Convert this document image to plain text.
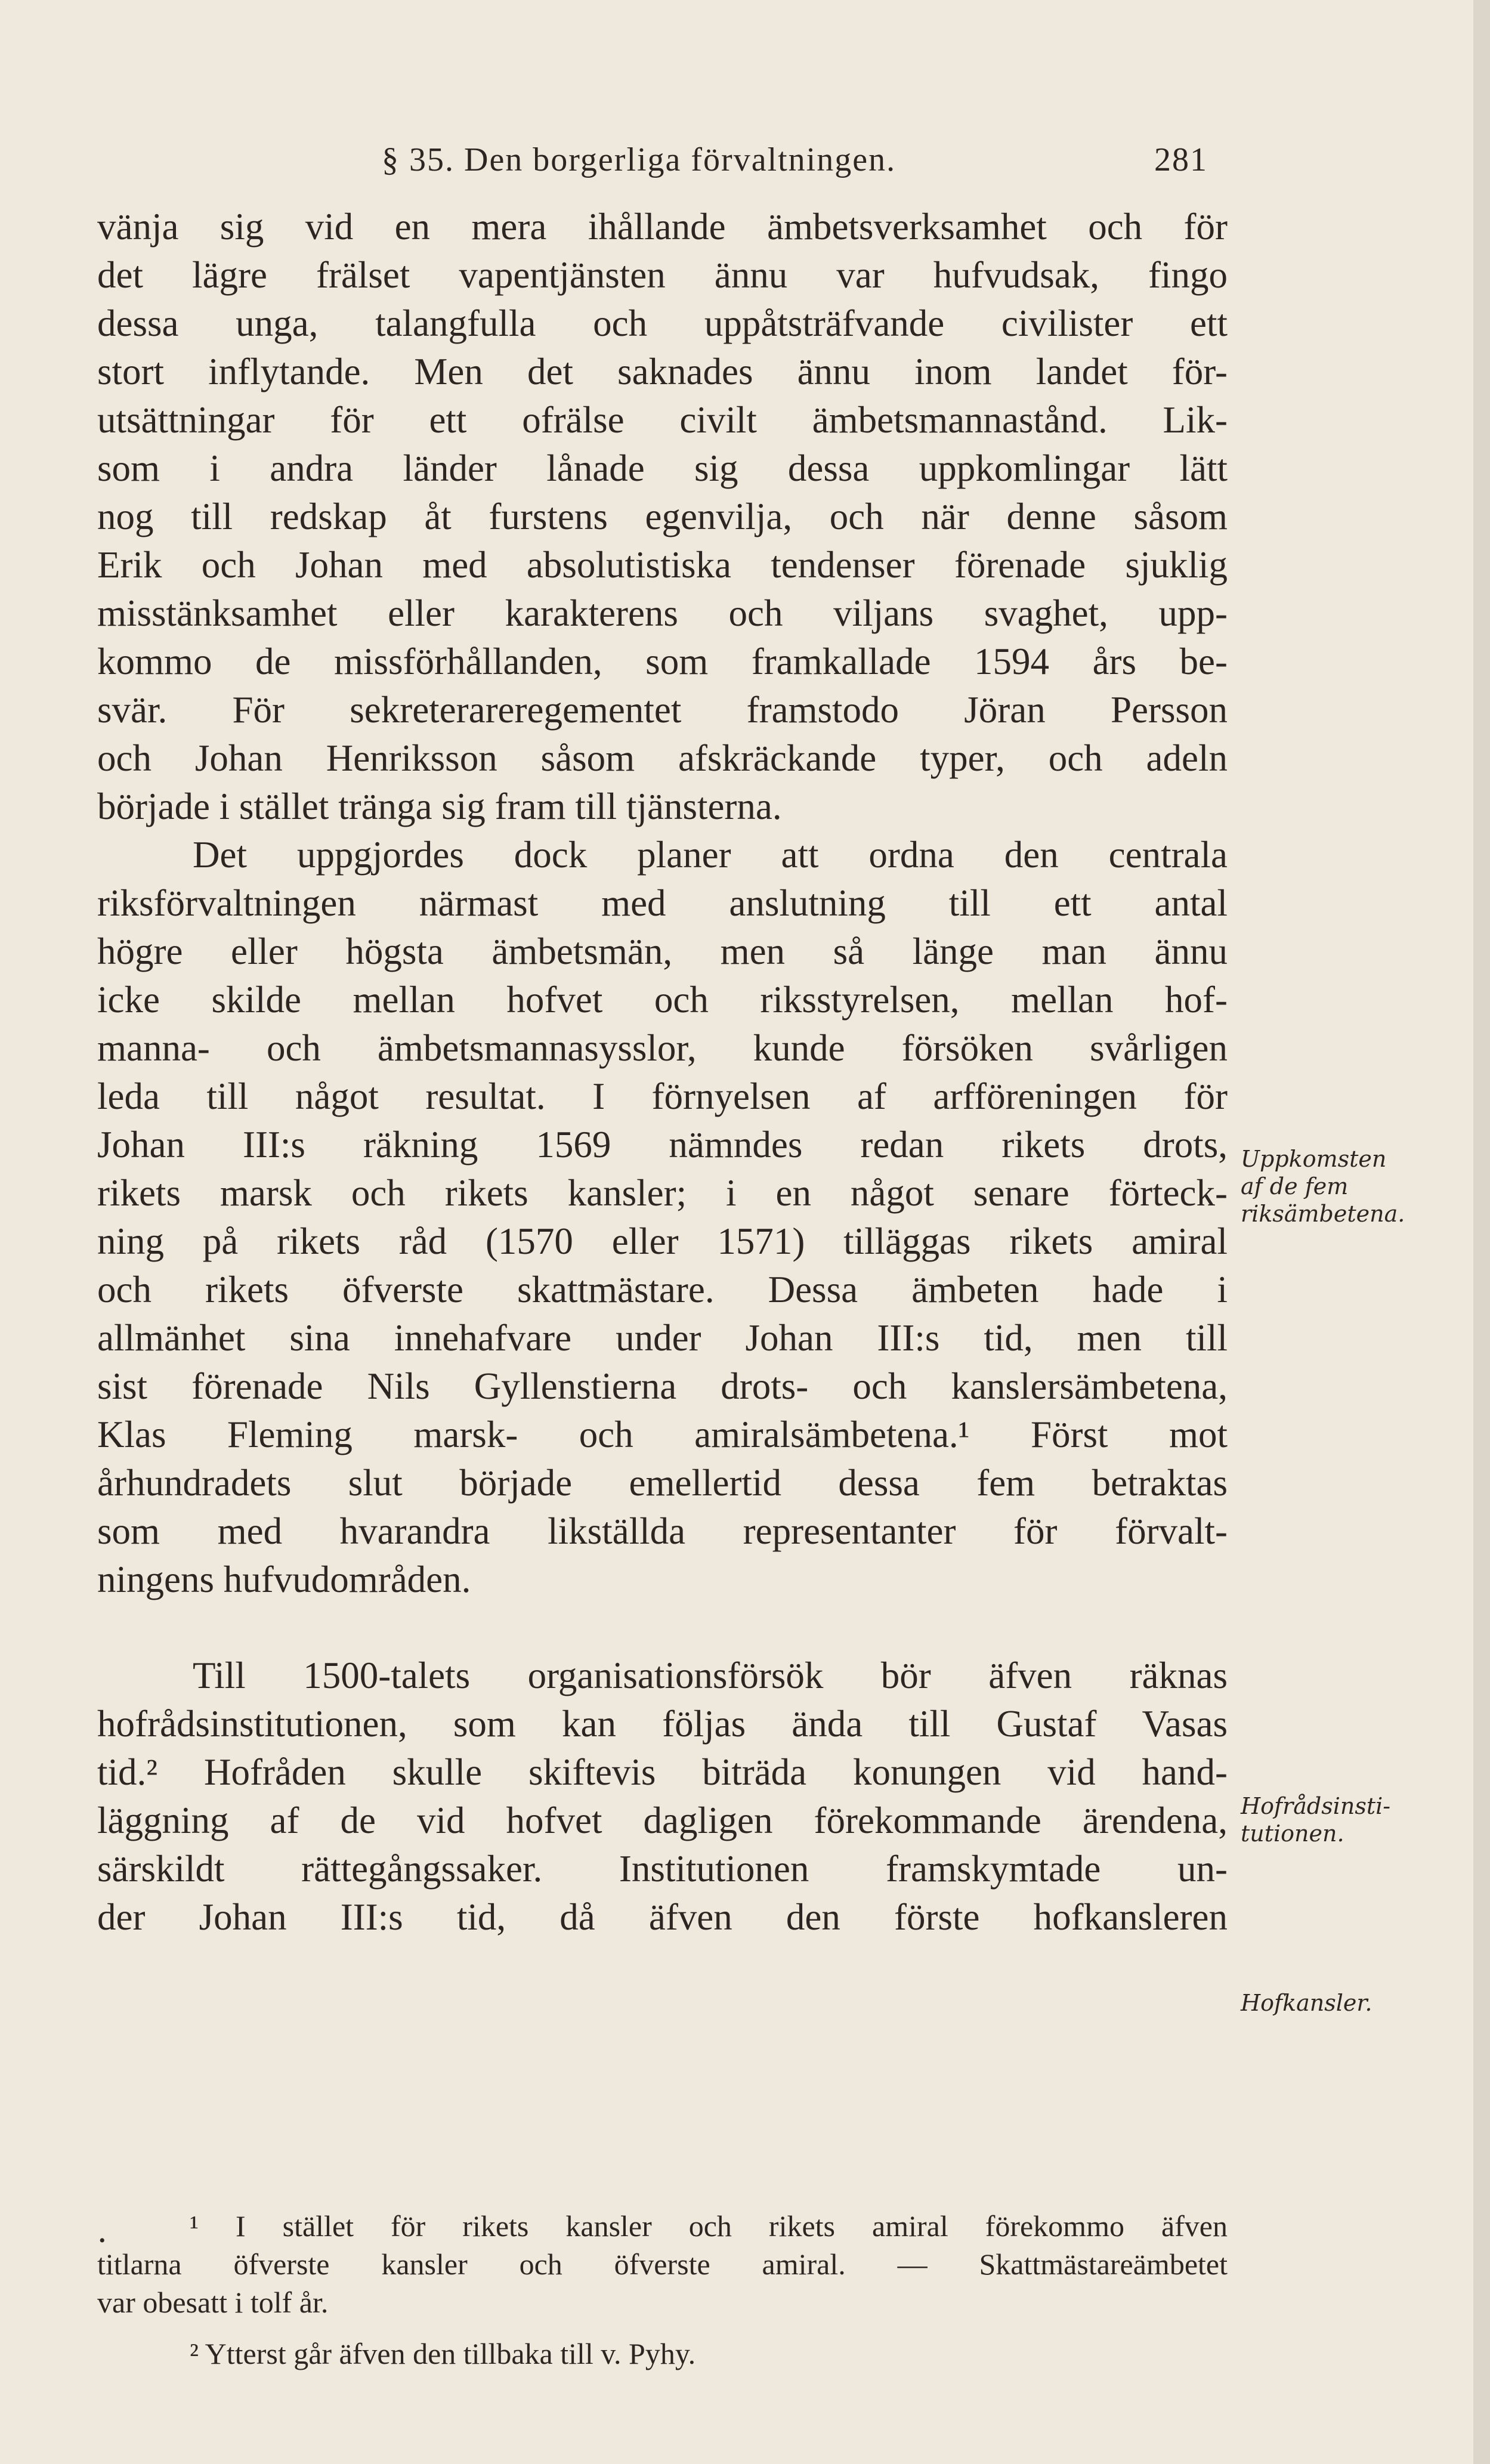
§ 35. Den borgerliga förvaltningen.	281
vänja sig vid en mera ihållande ämbetsverksamhet och för
det lägre frälset vapentjänsten ännu var hufvudsak, fingo
dessa unga, talangfulla och uppåtsträfvande civilister ett
stort inflytande. Men det saknades ännu inom landet för-
utsättningar för ett ofrälse civilt ämbetsmannastånd. Lik-
som i andra länder lånade sig dessa uppkomlingar lätt
nog till redskap åt furstens egenvilja, och när denne såsom
Erik och Johan med absolutistiska tendenser förenade sjuklig
misstänksamhet eller karakterens och viljans svaghet, upp-
kommo de missförhållanden, som framkallade 1594 års be-
svär. För sekreterareregementet framstodo Jöran Persson
och Johan Henriksson såsom afskräckande typer, och adeln
började i stället tränga sig fram till tjänsterna.
Det uppgjordes dock planer att ordna den centrala
riksförvaltningen närmast med anslutning till ett antal
högre eller högsta ämbetsmän, men så länge man ännu
icke skilde mellan hofvet och riksstyrelsen, mellan hof-
manna- och ämbetsmannasysslor, kunde försöken svårligen
leda till något resultat. I förnyelsen af arfföreningen för
Johan III:s räkning 1569 nämndes redan rikets drots,
rikets marsk och rikets kansler; i en något senare förteck-
ning på rikets råd (1570 eller 1571) tilläggas rikets amiral
och rikets öfverste skattmästare. Dessa ämbeten hade i
allmänhet sina innehafvare under Johan III:s tid, men till
sist förenade Nils Gyllenstierna drots- och kanslersämbetena,
Klas Fleming marsk- och amiralsämbetena.¹ Först mot
århundradets slut började emellertid dessa fem betraktas
som med hvarandra likställda representanter för förvalt-
ningens hufvudområden.
Till 1500-talets organisationsförsök bör äfven räknas
hofrådsinstitutionen, som kan följas ända till Gustaf Vasas
tid.² Hofråden skulle skiftevis biträda konungen vid hand-
läggning af de vid hofvet dagligen förekommande ärendena,
särskildt rättegångssaker. Institutionen framskymtade un-
der Johan III:s tid, då äfven den förste hofkansleren
Uppkomsten
af de fem
riksämbetena.
Hofrådsinsti-
tutionen.
Hofkansler.
•	¹ I stället för rikets kansler och rikets amiral förekommo äfven
titlarna öfverste kansler och öfverste amiral. — Skattmästareämbetet
var obesatt i tolf år.
² Ytterst går äfven den tillbaka till v. Pyhy.
